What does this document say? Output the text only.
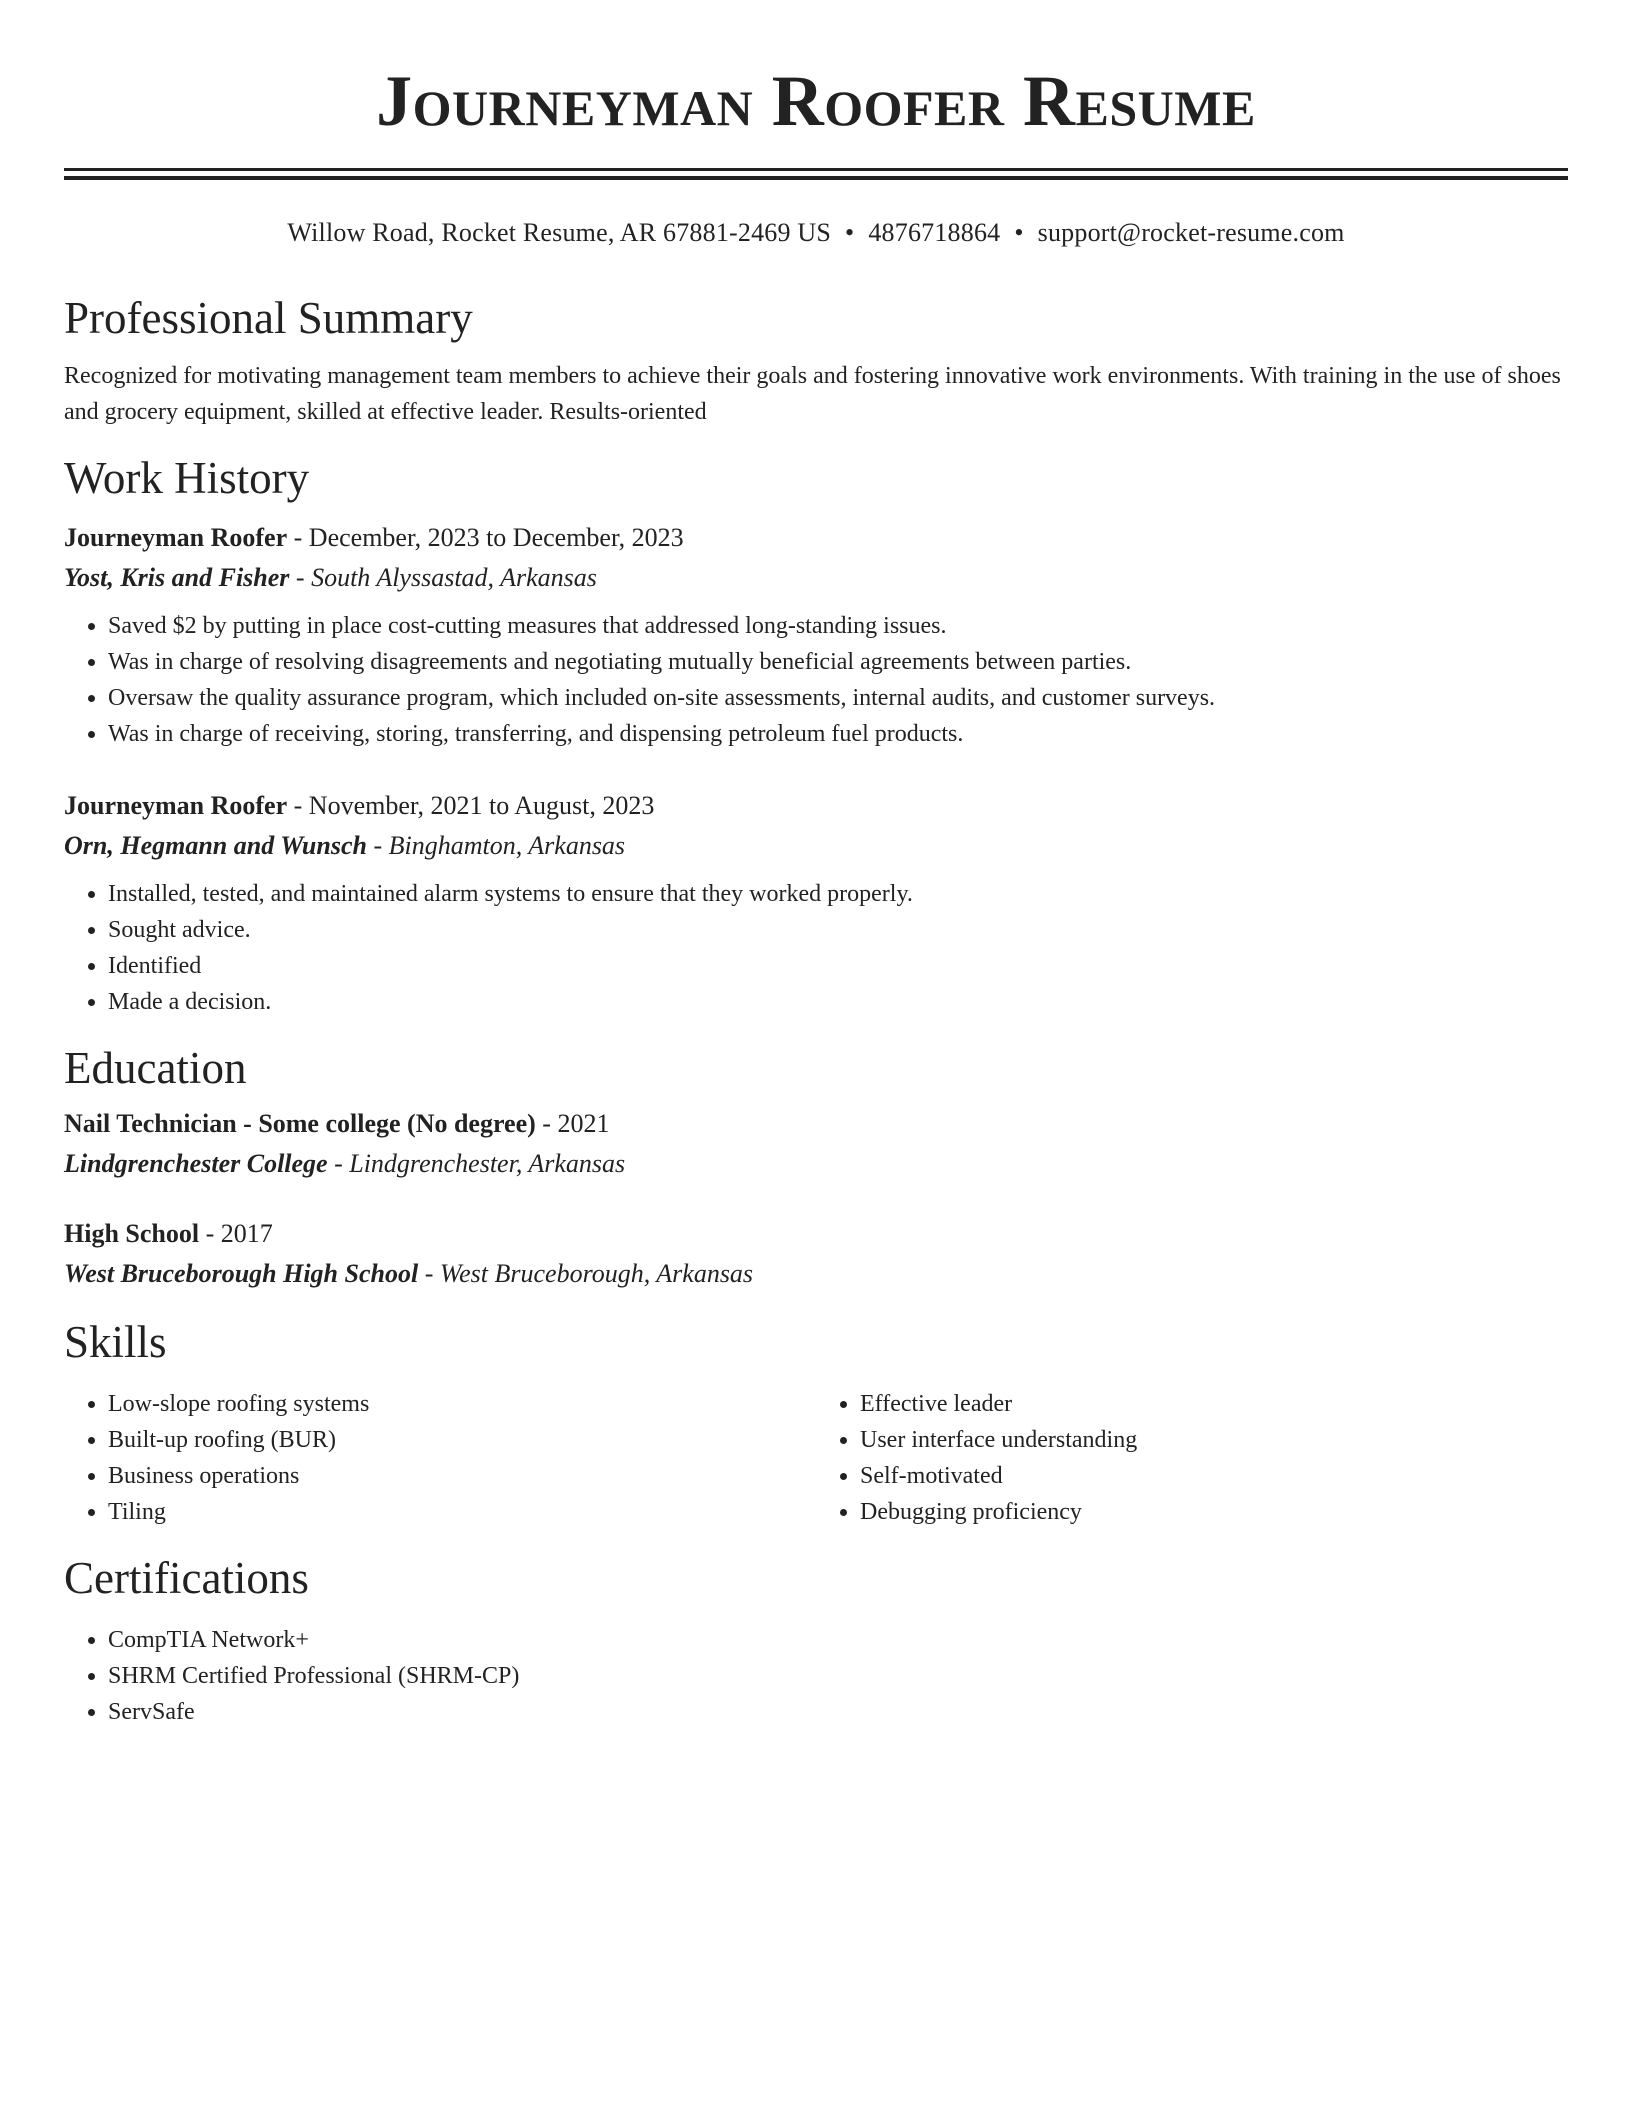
Journeyman Roofer Resume
Willow Road, Rocket Resume, AR 67881-2469 US • 4876718864 • support@rocket-resume.com
Professional Summary

Recognized for motivating management team members to achieve their goals and fostering innovative work environments. With training in the use of shoes and grocery equipment, skilled at effective leader. Results-oriented

Work History
Journeyman Roofer - December, 2023 to December, 2023
Yost, Kris and Fisher - South Alyssastad, Arkansas
• Saved $2 by putting in place cost-cutting measures that addressed long-standing issues.
• Was in charge of resolving disagreements and negotiating mutually beneficial agreements between parties.
• Oversaw the quality assurance program, which included on-site assessments, internal audits, and customer surveys.
• Was in charge of receiving, storing, transferring, and dispensing petroleum fuel products.
Journeyman Roofer - November, 2021 to August, 2023
Orn, Hegmann and Wunsch - Binghamton, Arkansas
• Installed, tested, and maintained alarm systems to ensure that they worked properly.
• Sought advice.
• Identified
• Made a decision.
Education
Nail Technician - Some college (No degree) - 2021
Lindgrenchester College - Lindgrenchester, Arkansas
High School - 2017
West Bruceborough High School - West Bruceborough, Arkansas
Skills
• Low-slope roofing systems
• Built-up roofing (BUR)
• Business operations
• Tiling
• Effective leader
• User interface understanding
• Self-motivated
• Debugging proficiency
Certifications
• CompTIA Network+
• SHRM Certified Professional (SHRM-CP)
• ServSafe
